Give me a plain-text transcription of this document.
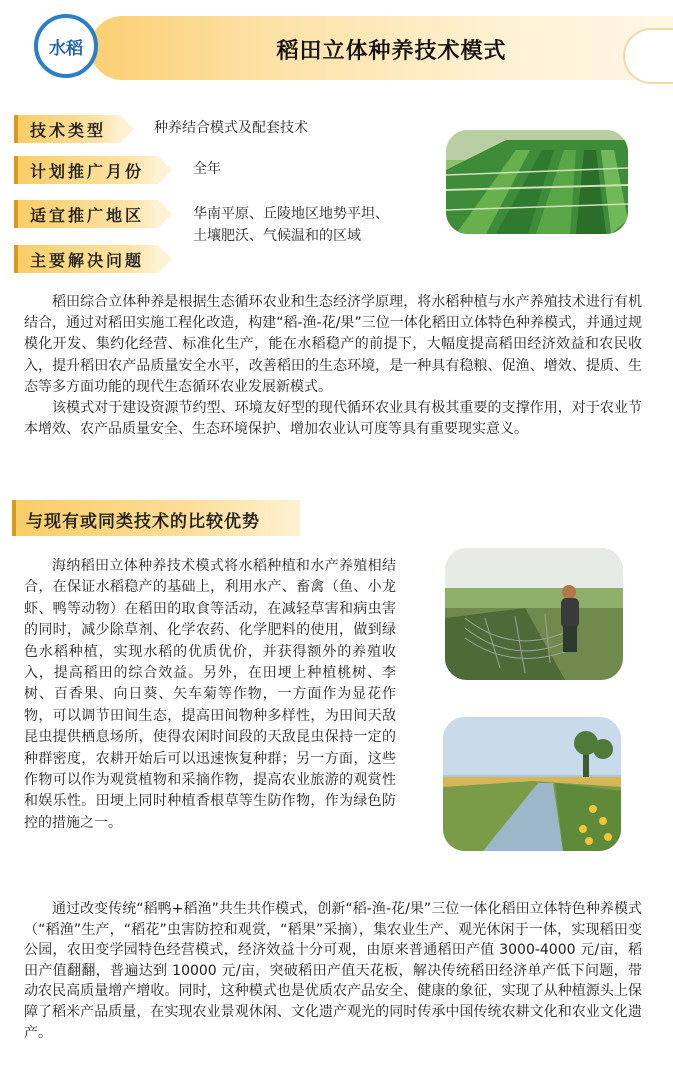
水稻	稻田立体种养技术模式
技术类型	种养结合模式及配套技术
计划推广月份	全年
适宜推广地区	华南平原、丘陵地区地势平坦、
土壤肥沃、气候温和的区域
主要解决问题

稻田综合立体种养是根据生态循环农业和生态经济学原理，将水稻种植与水产养殖技术进行有机结合，通过对稻田实施工程化改造，构建“稻-渔-花/果”三位一体化稻田立体特色种养模式，并通过规模化开发、集约化经营、标准化生产，能在水稻稳产的前提下，大幅度提高稻田经济效益和农民收入，提升稻田农产品质量安全水平，改善稻田的生态环境，是一种具有稳粮、促渔、增效、提质、生态等多方面功能的现代生态循环农业发展新模式。

该模式对于建设资源节约型、环境友好型的现代循环农业具有极其重要的支撑作用，对于农业节本增效、农产品质量安全、生态环境保护、增加农业认可度等具有重要现实意义。

与现有或同类技术的比较优势

海纳稻田立体种养技术模式将水稻种植和水产养殖相结合，在保证水稻稳产的基础上，利用水产、畜禽（鱼、小龙虾、鸭等动物）在稻田的取食等活动，在减轻草害和病虫害的同时，减少除草剂、化学农药、化学肥料的使用，做到绿色水稻种植，实现水稻的优质优价，并获得额外的养殖收入，提高稻田的综合效益。另外，在田埂上种植桃树、李树、百香果、向日葵、矢车菊等作物，一方面作为显花作物，可以调节田间生态，提高田间物种多样性，为田间天敌昆虫提供栖息场所，使得农闲时间段的天敌昆虫保持一定的种群密度，农耕开始后可以迅速恢复种群；另一方面，这些作物可以作为观赏植物和采摘作物，提高农业旅游的观赏性和娱乐性。田埂上同时种植香根草等生防作物，作为绿色防控的措施之一。

通过改变传统“稻鸭+稻渔”共生共作模式，创新“稻-渔-花/果”三位一体化稻田立体特色种养模式（“稻渔”生产，“稻花”虫害防控和观赏，“稻果”采摘），集农业生产、观光休闲于一体，实现稻田变公园，农田变学园特色经营模式，经济效益十分可观，由原来普通稻田产值 3000-4000 元/亩，稻田产值翻翻，普遍达到 10000 元/亩，突破稻田产值天花板，解决传统稻田经济单产低下问题，带动农民高质量增产增收。同时，这种模式也是优质农产品安全、健康的象征，实现了从种植源头上保障了稻米产品质量，在实现农业景观休闲、文化遗产观光的同时传承中国传统农耕文化和农业文化遗产。
